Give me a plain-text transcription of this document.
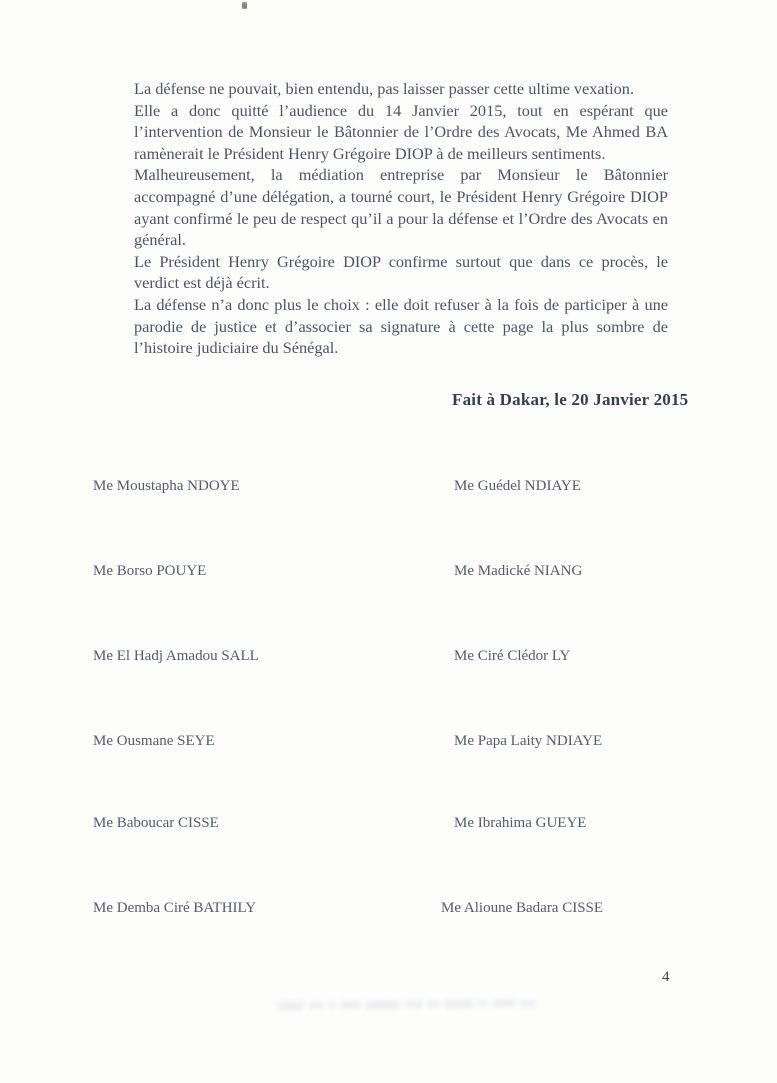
La défense ne pouvait, bien entendu, pas laisser passer cette ultime vexation.

Elle a donc quitté l’audience du 14 Janvier 2015, tout en espérant que l’intervention de Monsieur le Bâtonnier de l’Ordre des Avocats, Me Ahmed BA ramènerait le Président Henry Grégoire DIOP à de meilleurs sentiments.

Malheureusement, la médiation entreprise par Monsieur le Bâtonnier accompagné d’une délégation, a tourné court, le Président Henry Grégoire DIOP ayant confirmé le peu de respect qu’il a pour la défense et l’Ordre des Avocats en général.

Le Président Henry Grégoire DIOP confirme surtout que dans ce procès, le verdict est déjà écrit.

La défense n’a donc plus le choix : elle doit refuser à la fois de participer à une parodie de justice et d’associer sa signature à cette page la plus sombre de l’histoire judiciaire du Sénégal.

Fait à Dakar, le 20 Janvier 2015
Me Moustapha NDOYE	Me Guédel NDIAYE
Me Borso POUYE	Me Madické NIANG
Me El Hadj Amadou SALL	Me Ciré Clédor LY
Me Ousmane SEYE	Me Papa Laity NDIAYE
Me Baboucar CISSE	Me Ibrahima GUEYE
Me Demba Ciré BATHILY	Me Alioune Badara CISSE
4
